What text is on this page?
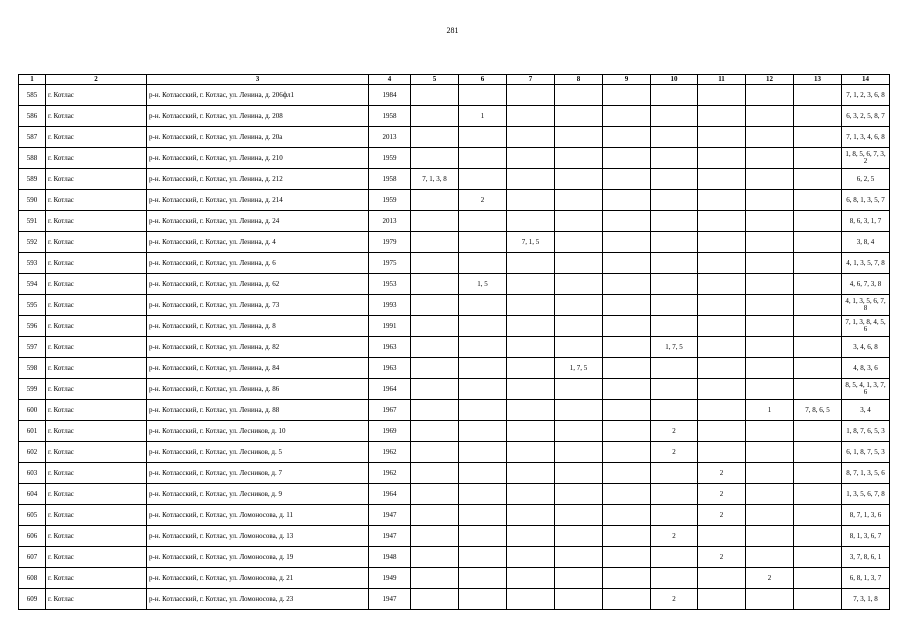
281
1	2	3	4	5	6	7	8	9	10	11	12	13	14
585	г. Котлас	р-н. Котласский, г. Котлас, ул. Ленина, д. 206фл1	1984										7, 1, 2, 3, 6, 8
586	г. Котлас	р-н. Котласский, г. Котлас, ул. Ленина, д. 208	1958		1								6, 3, 2, 5, 8, 7
587	г. Котлас	р-н. Котласский, г. Котлас, ул. Ленина, д. 20а	2013										7, 1, 3, 4, 6, 8
588	г. Котлас	р-н. Котласский, г. Котлас, ул. Ленина, д. 210	1959										1, 8, 5, 6, 7, 3, 2
589	г. Котлас	р-н. Котласский, г. Котлас, ул. Ленина, д. 212	1958	7, 1, 3, 8									6, 2, 5
590	г. Котлас	р-н. Котласский, г. Котлас, ул. Ленина, д. 214	1959		2								6, 8, 1, 3, 5, 7
591	г. Котлас	р-н. Котласский, г. Котлас, ул. Ленина, д. 24	2013										8, 6, 3, 1, 7
592	г. Котлас	р-н. Котласский, г. Котлас, ул. Ленина, д. 4	1979			7, 1, 5							3, 8, 4
593	г. Котлас	р-н. Котласский, г. Котлас, ул. Ленина, д. 6	1975										4, 1, 3, 5, 7, 8
594	г. Котлас	р-н. Котласский, г. Котлас, ул. Ленина, д. 62	1953		1, 5								4, 6, 7, 3, 8
595	г. Котлас	р-н. Котласский, г. Котлас, ул. Ленина, д. 73	1993										4, 1, 3, 5, 6, 7, 8
596	г. Котлас	р-н. Котласский, г. Котлас, ул. Ленина, д. 8	1991										7, 1, 3, 8, 4, 5, 6
597	г. Котлас	р-н. Котласский, г. Котлас, ул. Ленина, д. 82	1963						1, 7, 5				3, 4, 6, 8
598	г. Котлас	р-н. Котласский, г. Котлас, ул. Ленина, д. 84	1963				1, 7, 5						4, 8, 3, 6
599	г. Котлас	р-н. Котласский, г. Котлас, ул. Ленина, д. 86	1964										8, 5, 4, 1, 3, 7, 6
600	г. Котлас	р-н. Котласский, г. Котлас, ул. Ленина, д. 88	1967								1	7, 8, 6, 5	3, 4
601	г. Котлас	р-н. Котласский, г. Котлас, ул. Лесников, д. 10	1969						2				1, 8, 7, 6, 5, 3
602	г. Котлас	р-н. Котласский, г. Котлас, ул. Лесников, д. 5	1962						2				6, 1, 8, 7, 5, 3
603	г. Котлас	р-н. Котласский, г. Котлас, ул. Лесников, д. 7	1962							2			8, 7, 1, 3, 5, 6
604	г. Котлас	р-н. Котласский, г. Котлас, ул. Лесников, д. 9	1964							2			1, 3, 5, 6, 7, 8
605	г. Котлас	р-н. Котласский, г. Котлас, ул. Ломоносова, д. 11	1947							2			8, 7, 1, 3, 6
606	г. Котлас	р-н. Котласский, г. Котлас, ул. Ломоносова, д. 13	1947						2				8, 1, 3, 6, 7
607	г. Котлас	р-н. Котласский, г. Котлас, ул. Ломоносова, д. 19	1948							2			3, 7, 8, 6, 1
608	г. Котлас	р-н. Котласский, г. Котлас, ул. Ломоносова, д. 21	1949								2		6, 8, 1, 3, 7
609	г. Котлас	р-н. Котласский, г. Котлас, ул. Ломоносова, д. 23	1947						2				7, 3, 1, 8
